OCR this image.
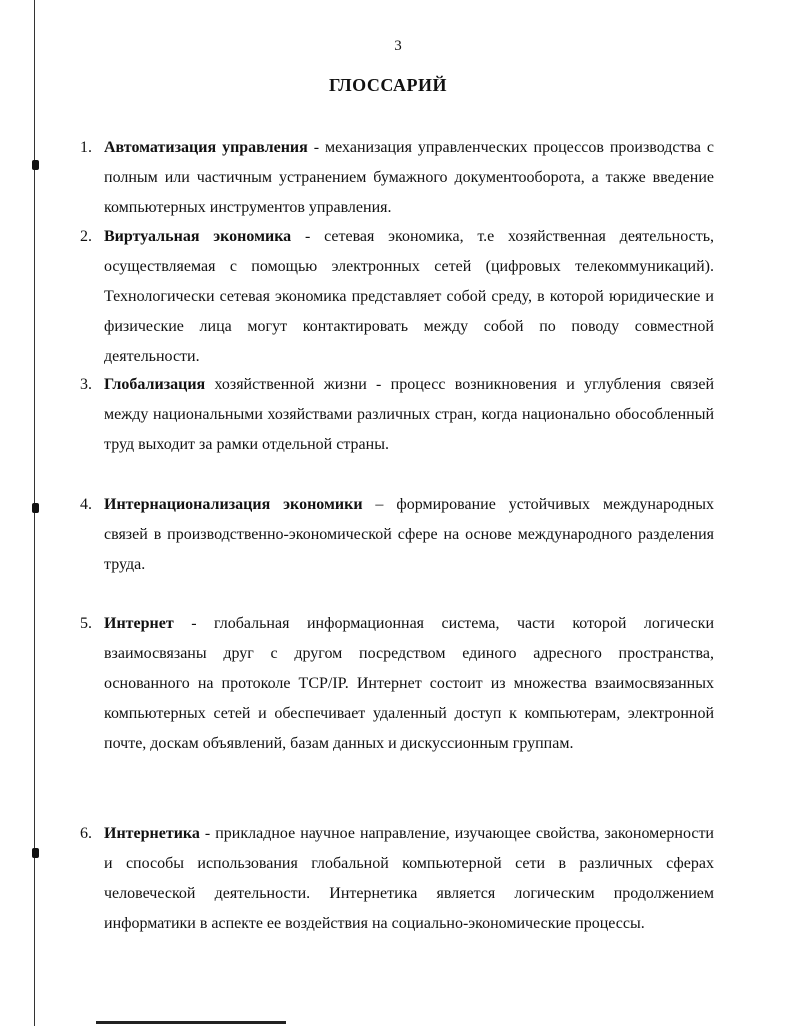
3
ГЛОССАРИЙ
1. Автоматизация управления - механизация управленческих процессов производства с полным или частичным устранением бумажного документооборота, а также введение компьютерных инструментов управления.
2. Виртуальная экономика - сетевая экономика, т.е хозяйственная деятельность, осуществляемая с помощью электронных сетей (цифровых телекоммуникаций). Технологически сетевая экономика представляет собой среду, в которой юридические и физические лица могут контактировать между собой по поводу совместной деятельности.
3. Глобализация хозяйственной жизни - процесс возникновения и углубления связей между национальными хозяйствами различных стран, когда национально обособленный труд выходит за рамки отдельной страны.
4. Интернационализация экономики – формирование устойчивых международных связей в производственно-экономической сфере на основе международного разделения труда.
5. Интернет - глобальная информационная система, части которой логически взаимосвязаны друг с другом посредством единого адресного пространства, основанного на протоколе TCP/IP. Интернет состоит из множества взаимосвязанных компьютерных сетей и обеспечивает удаленный доступ к компьютерам, электронной почте, доскам объявлений, базам данных и дискуссионным группам.
6. Интернетика - прикладное научное направление, изучающее свойства, закономерности и способы использования глобальной компьютерной сети в различных сферах человеческой деятельности. Интернетика является логическим продолжением информатики в аспекте ее воздействия на социально-экономические процессы.
